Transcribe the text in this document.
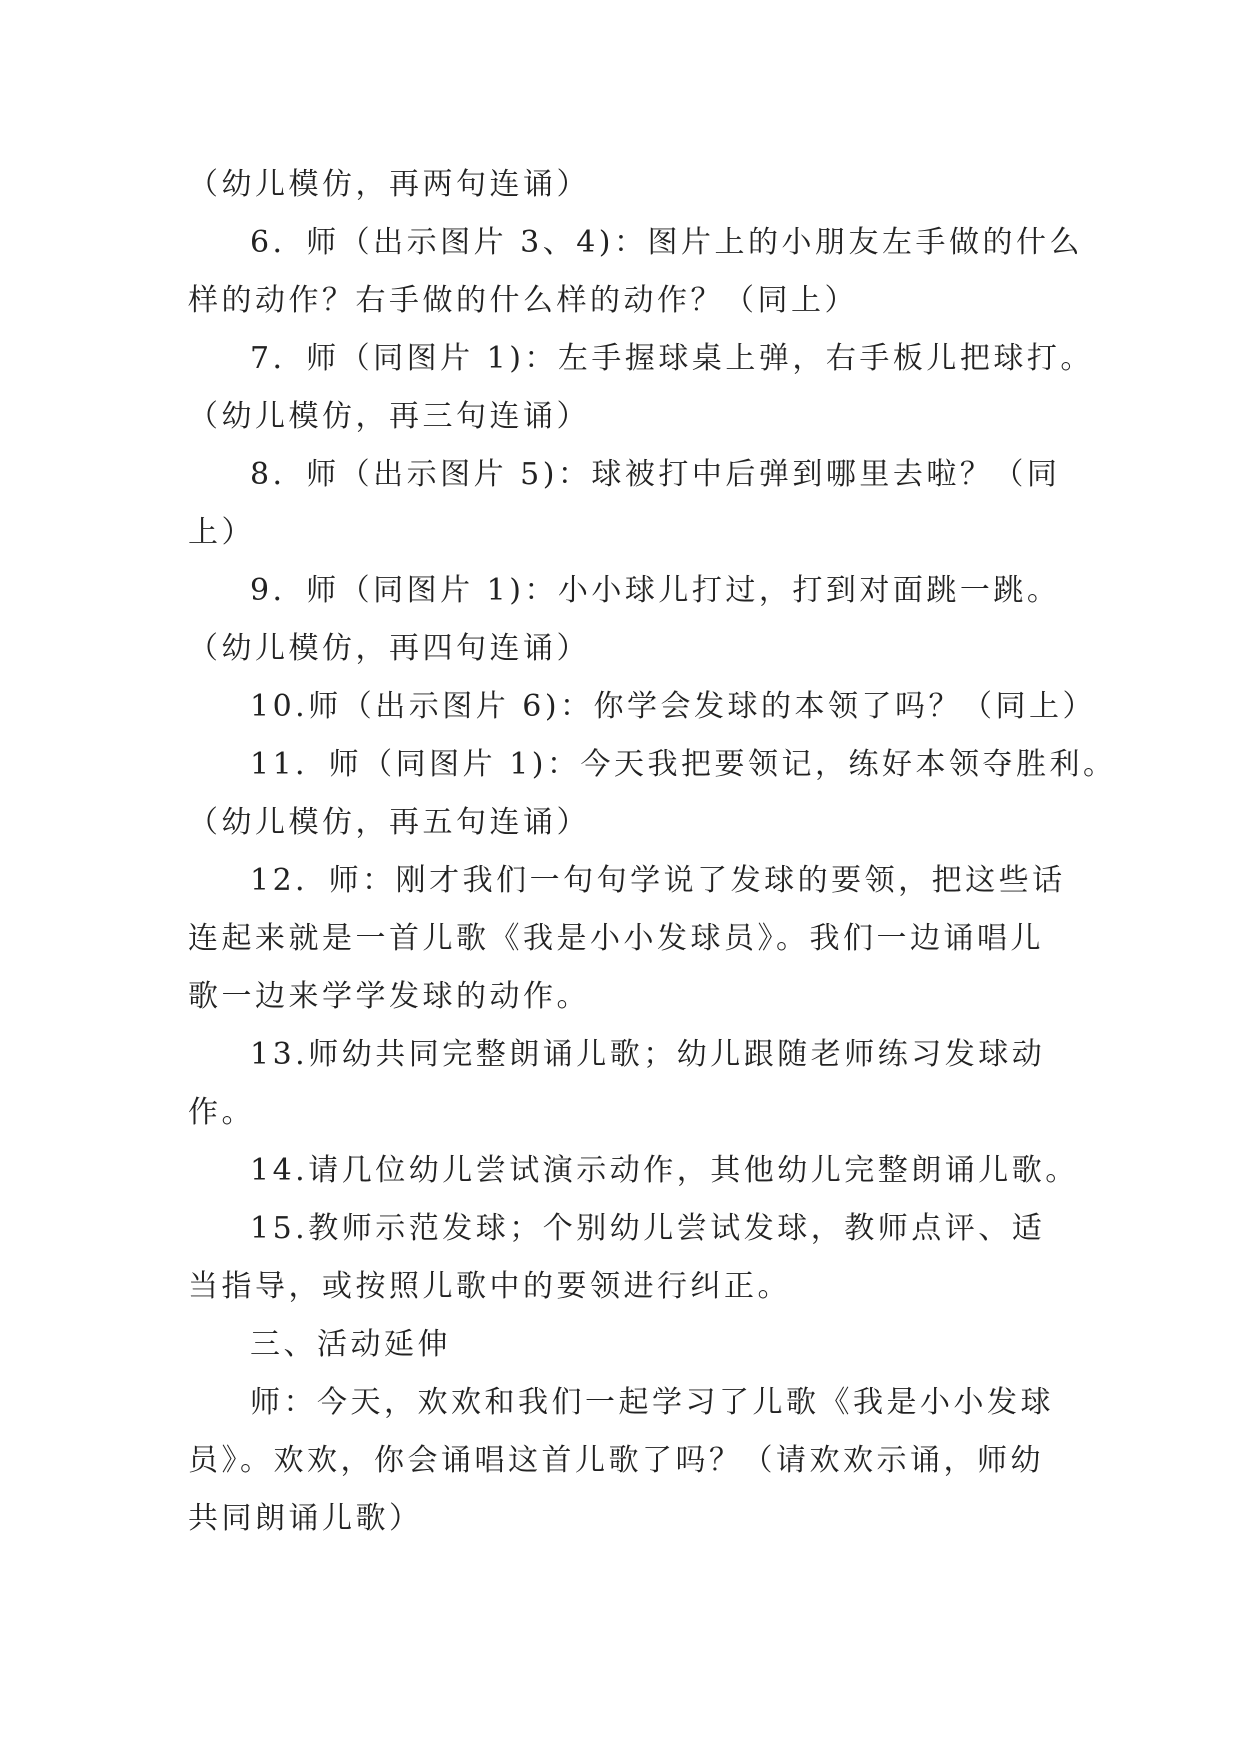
（幼儿模仿，再两句连诵）
6．师（出示图片 3、4)：图片上的小朋友左手做的什么
样的动作？右手做的什么样的动作？（同上）
7．师（同图片 1)：左手握球桌上弹，右手板儿把球打。
（幼儿模仿，再三句连诵）
8．师（出示图片 5)：球被打中后弹到哪里去啦？（同
上）
9．师（同图片 1)：小小球儿打过，打到对面跳一跳。
（幼儿模仿，再四句连诵）
10.师（出示图片 6)：你学会发球的本领了吗？（同上）
11．师（同图片 1)：今天我把要领记，练好本领夺胜利。
（幼儿模仿，再五句连诵）
12．师：刚才我们一句句学说了发球的要领，把这些话
连起来就是一首儿歌《我是小小发球员》。我们一边诵唱儿
歌一边来学学发球的动作。
13.师幼共同完整朗诵儿歌；幼儿跟随老师练习发球动
作。
14.请几位幼儿尝试演示动作，其他幼儿完整朗诵儿歌。
15.教师示范发球；个别幼儿尝试发球，教师点评、适
当指导，或按照儿歌中的要领进行纠正。
三、活动延伸
师：今天，欢欢和我们一起学习了儿歌《我是小小发球
员》。欢欢，你会诵唱这首儿歌了吗？（请欢欢示诵，师幼
共同朗诵儿歌）
